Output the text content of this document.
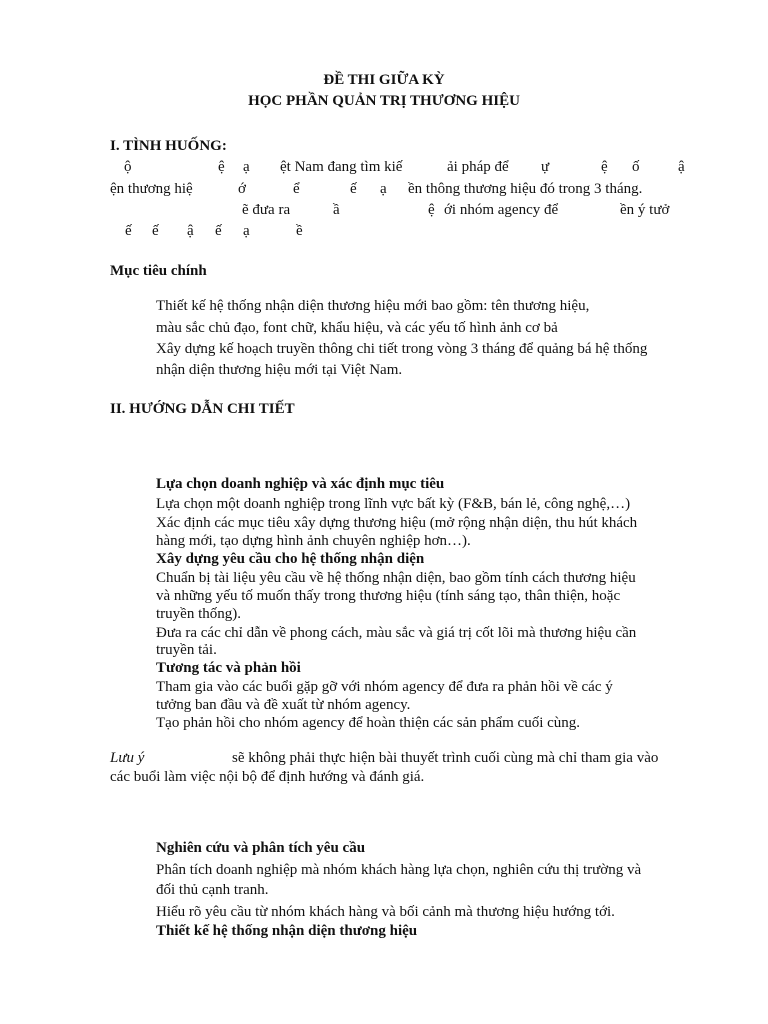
ĐỀ THI GIỮA KỲ
HỌC PHẦN QUẢN TRỊ THƯƠNG HIỆU
I. TÌNH HUỐNG:
ộ	ệ ạ ệt Nam đang tìm kiế	ải pháp để ự	ệ ố	ậ
ện thương hiệ	ớ	ể	ế ạ ền thông thương hiệu đó trong 3 tháng.
ẽ đưa ra	ầ	ệ ới nhóm agency để	ền ý tưở
ế ế ậ ế ạ	ề
Mục tiêu chính
Thiết kế hệ thống nhận diện thương hiệu mới bao gồm: tên thương hiệu,
màu sắc chủ đạo, font chữ, khẩu hiệu, và các yếu tố hình ảnh cơ bả
Xây dựng kế hoạch truyền thông chi tiết trong vòng 3 tháng để quảng bá hệ thống
nhận diện thương hiệu mới tại Việt Nam.
II. HƯỚNG DẪN CHI TIẾT
Lựa chọn doanh nghiệp và xác định mục tiêu
Lựa chọn một doanh nghiệp trong lĩnh vực bất kỳ (F&B, bán lẻ, công nghệ,…)
Xác định các mục tiêu xây dựng thương hiệu (mở rộng nhận diện, thu hút khách
hàng mới, tạo dựng hình ảnh chuyên nghiệp hơn…).
Xây dựng yêu cầu cho hệ thống nhận diện
Chuẩn bị tài liệu yêu cầu về hệ thống nhận diện, bao gồm tính cách thương hiệu
và những yếu tố muốn thấy trong thương hiệu (tính sáng tạo, thân thiện, hoặc
truyền thống).
Đưa ra các chỉ dẫn về phong cách, màu sắc và giá trị cốt lõi mà thương hiệu cần
truyền tải.
Tương tác và phản hồi
Tham gia vào các buổi gặp gỡ với nhóm agency để đưa ra phản hồi về các ý
tưởng ban đầu và đề xuất từ nhóm agency.
Tạo phản hồi cho nhóm agency để hoàn thiện các sản phẩm cuối cùng.
Lưu ý	sẽ không phải thực hiện bài thuyết trình cuối cùng mà chỉ tham gia vào
các buổi làm việc nội bộ để định hướng và đánh giá.
Nghiên cứu và phân tích yêu cầu
Phân tích doanh nghiệp mà nhóm khách hàng lựa chọn, nghiên cứu thị trường và
đối thủ cạnh tranh.
Hiểu rõ yêu cầu từ nhóm khách hàng và bối cảnh mà thương hiệu hướng tới.
Thiết kế hệ thống nhận diện thương hiệu
